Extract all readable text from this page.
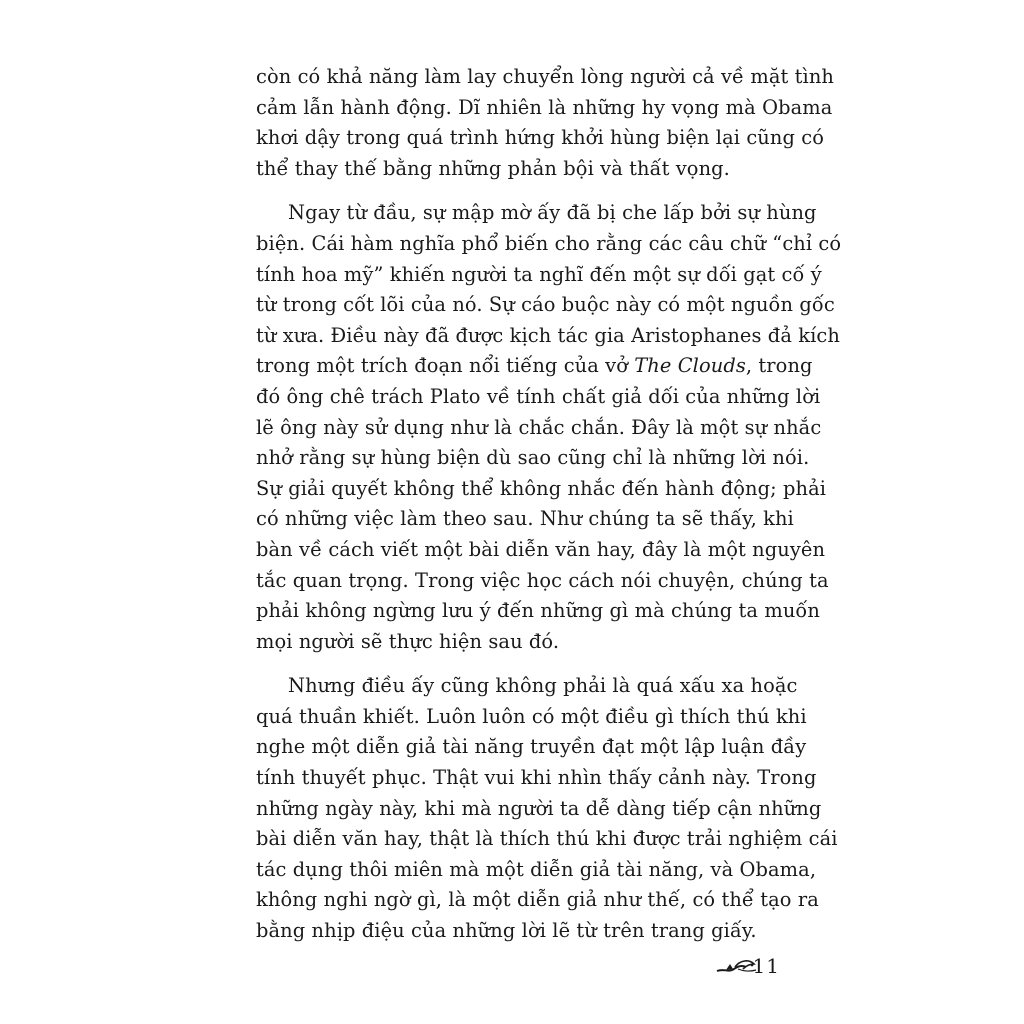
còn có khả năng làm lay chuyển lòng người cả về mặt tình
cảm lẫn hành động. Dĩ nhiên là những hy vọng mà Obama
khơi dậy trong quá trình hứng khởi hùng biện lại cũng có
thể thay thế bằng những phản bội và thất vọng.
Ngay từ đầu, sự mập mờ ấy đã bị che lấp bởi sự hùng
biện. Cái hàm nghĩa phổ biến cho rằng các câu chữ “chỉ có
tính hoa mỹ” khiến người ta nghĩ đến một sự dối gạt cố ý
từ trong cốt lõi của nó. Sự cáo buộc này có một nguồn gốc
từ xưa. Điều này đã được kịch tác gia Aristophanes đả kích
trong một trích đoạn nổi tiếng của vở The Clouds, trong
đó ông chê trách Plato về tính chất giả dối của những lời
lẽ ông này sử dụng như là chắc chắn. Đây là một sự nhắc
nhở rằng sự hùng biện dù sao cũng chỉ là những lời nói.
Sự giải quyết không thể không nhắc đến hành động; phải
có những việc làm theo sau. Như chúng ta sẽ thấy, khi
bàn về cách viết một bài diễn văn hay, đây là một nguyên
tắc quan trọng. Trong việc học cách nói chuyện, chúng ta
phải không ngừng lưu ý đến những gì mà chúng ta muốn
mọi người sẽ thực hiện sau đó.
Nhưng điều ấy cũng không phải là quá xấu xa hoặc
quá thuần khiết. Luôn luôn có một điều gì thích thú khi
nghe một diễn giả tài năng truyền đạt một lập luận đầy
tính thuyết phục. Thật vui khi nhìn thấy cảnh này. Trong
những ngày này, khi mà người ta dễ dàng tiếp cận những
bài diễn văn hay, thật là thích thú khi được trải nghiệm cái
tác dụng thôi miên mà một diễn giả tài năng, và Obama,
không nghi ngờ gì, là một diễn giả như thế, có thể tạo ra
bằng nhịp điệu của những lời lẽ từ trên trang giấy.
11
